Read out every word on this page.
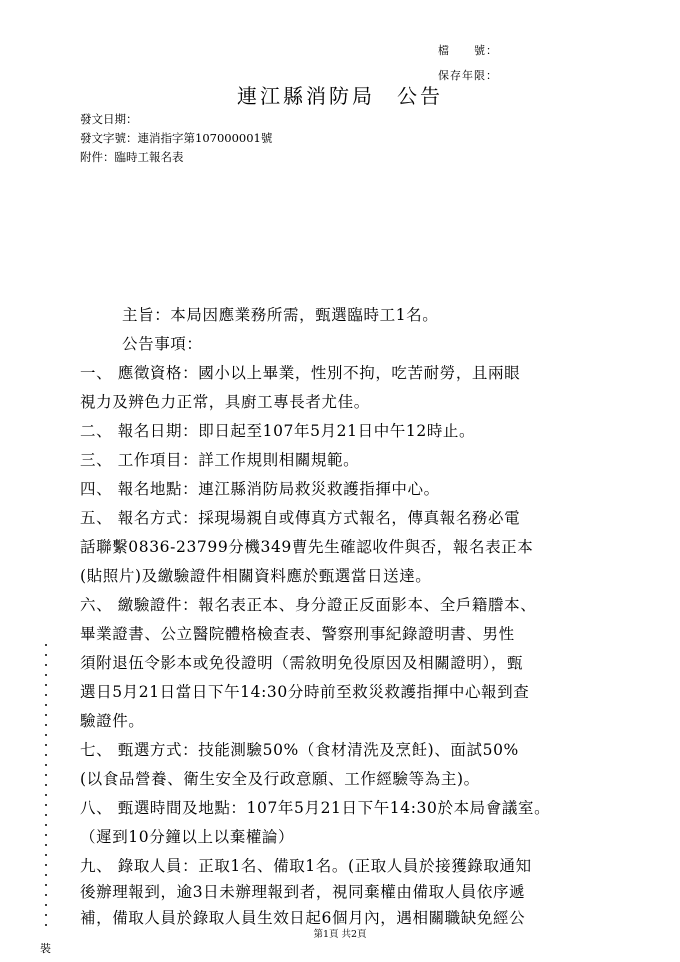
檔　　號：
保存年限：
連江縣消防局 公告
發文日期：
發文字號：連消指字第107000001號
附件：臨時工報名表
主旨：本局因應業務所需，甄選臨時工1名。
公告事項：
一、 應徵資格：國小以上畢業，性別不拘，吃苦耐勞，且兩眼
視力及辨色力正常，具廚工專長者尤佳。
二、 報名日期：即日起至107年5月21日中午12時止。
三、 工作項目：詳工作規則相關規範。
四、 報名地點：連江縣消防局救災救護指揮中心。
五、 報名方式：採現場親自或傳真方式報名，傳真報名務必電
話聯繫0836-23799分機349曹先生確認收件與否，報名表正本
(貼照片)及繳驗證件相關資料應於甄選當日送達。
六、 繳驗證件：報名表正本、身分證正反面影本、全戶籍謄本、
畢業證書、公立醫院體格檢查表、警察刑事紀錄證明書、男性
須附退伍令影本或免役證明（需敘明免役原因及相關證明），甄
選日5月21日當日下午14:30分時前至救災救護指揮中心報到查
驗證件。
七、 甄選方式：技能測驗50%（食材清洗及烹飪)、面試50%
(以食品營養、衛生安全及行政意願、工作經驗等為主)。
八、 甄選時間及地點：107年5月21日下午14:30於本局會議室。
（遲到10分鐘以上以棄權論）
九、 錄取人員：正取1名、備取1名。(正取人員於接獲錄取通知
後辦理報到，逾3日未辦理報到者，視同棄權由備取人員依序遞
補，備取人員於錄取人員生效日起6個月內，遇相關職缺免經公
第1頁 共2頁
裝
